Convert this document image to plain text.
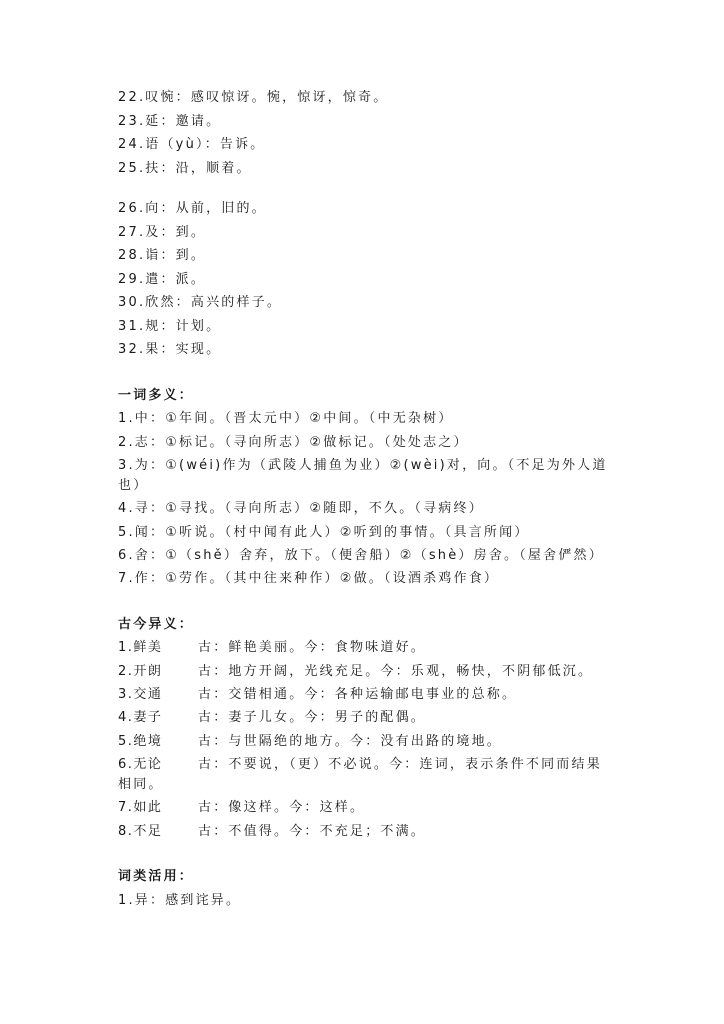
22.叹惋：感叹惊讶。惋，惊讶，惊奇。
23.延：邀请。
24.语（yù）：告诉。
25.扶：沿，顺着。
26.向：从前，旧的。
27.及：到。
28.诣：到。
29.遣：派。
30.欣然：高兴的样子。
31.规：计划。
32.果：实现。
一词多义：
1.中：①年间。（晋太元中）②中间。（中无杂树）
2.志：①标记。（寻向所志）②做标记。（处处志之）
3.为：①(wéi)作为（武陵人捕鱼为业）②(wèi)对，向。（不足为外人道也）
4.寻：①寻找。（寻向所志）②随即，不久。（寻病终）
5.闻：①听说。（村中闻有此人）②听到的事情。（具言所闻）
6.舍：①（shě）舍弃，放下。（便舍船）②（shè）房舍。（屋舍俨然）
7.作：①劳作。（其中往来种作）②做。（设酒杀鸡作食）
古今异义：
1.鲜美	古：鲜艳美丽。今：食物味道好。
2.开朗	古：地方开阔，光线充足。今：乐观，畅快，不阴郁低沉。
3.交通	古：交错相通。今：各种运输邮电事业的总称。
4.妻子	古：妻子儿女。今：男子的配偶。
5.绝境	古：与世隔绝的地方。今：没有出路的境地。
6.无论	古：不要说，（更）不必说。今：连词，表示条件不同而结果相同。
7.如此	古：像这样。今：这样。
8.不足	古：不值得。今：不充足；不满。
词类活用：
1.异：感到诧异。
